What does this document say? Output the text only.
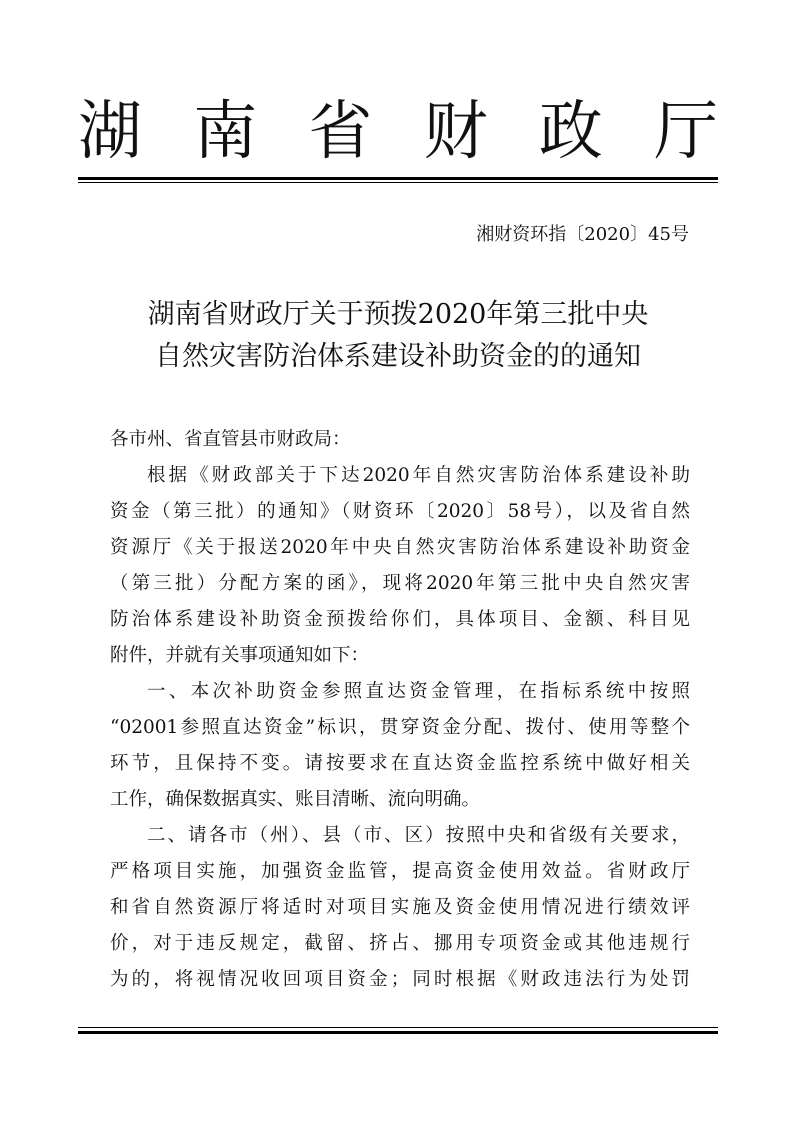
湖 南 省 财 政 厅
湘财资环指〔2020〕45号
湖南省财政厅关于预拨2020年第三批中央
自然灾害防治体系建设补助资金的的通知
各市州、省直管县市财政局：
根据《财政部关于下达2020年自然灾害防治体系建设补助
资金（第三批）的通知》（财资环〔2020〕58号），以及省自然
资源厅《关于报送2020年中央自然灾害防治体系建设补助资金
（第三批）分配方案的函》，现将2020年第三批中央自然灾害
防治体系建设补助资金预拨给你们，具体项目、金额、科目见
附件，并就有关事项通知如下：
一、本次补助资金参照直达资金管理，在指标系统中按照
“02001参照直达资金”标识，贯穿资金分配、拨付、使用等整个
环节，且保持不变。请按要求在直达资金监控系统中做好相关
工作，确保数据真实、账目清晰、流向明确。
二、请各市（州）、县（市、区）按照中央和省级有关要求，
严格项目实施，加强资金监管，提高资金使用效益。省财政厅
和省自然资源厅将适时对项目实施及资金使用情况进行绩效评
价，对于违反规定，截留、挤占、挪用专项资金或其他违规行
为的，将视情况收回项目资金；同时根据《财政违法行为处罚
